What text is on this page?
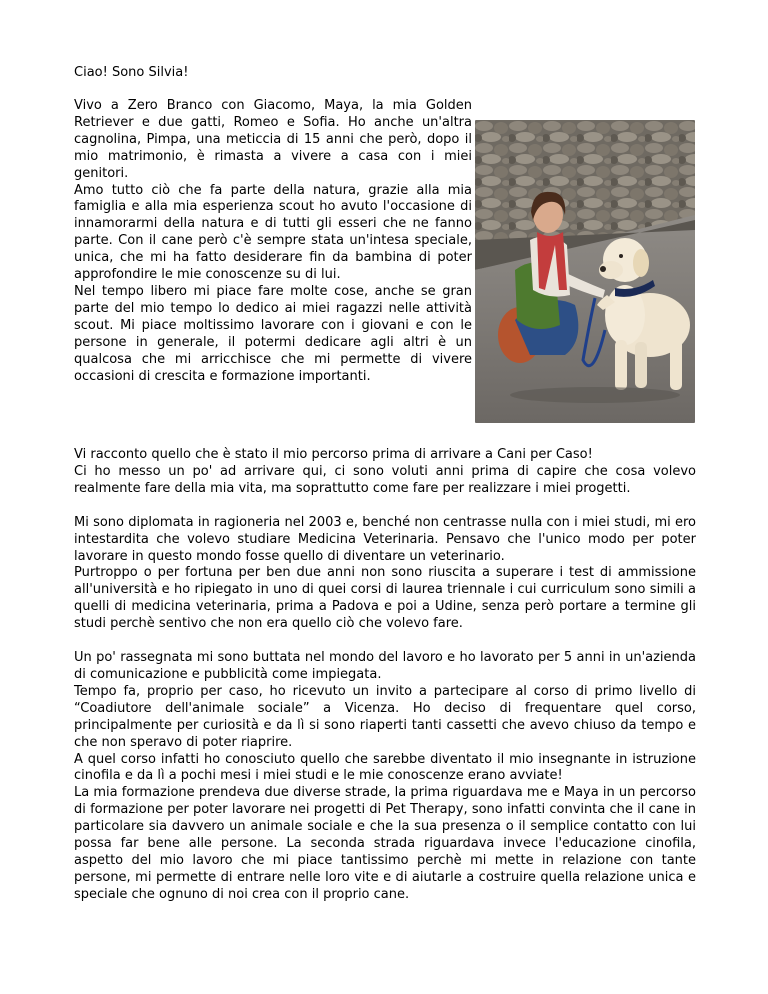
Ciao! Sono Silvia!

Vivo a Zero Branco con Giacomo, Maya, la mia Golden Retriever e due gatti, Romeo e Sofia. Ho anche un'altra cagnolina, Pimpa, una meticcia di 15 anni che però, dopo il mio matrimonio, è rimasta a vivere a casa con i miei genitori.

Amo tutto ciò che fa parte della natura, grazie alla mia famiglia e alla mia esperienza scout ho avuto l'occasione di innamorarmi della natura e di tutti gli esseri che ne fanno parte. Con il cane però c'è sempre stata un'intesa speciale, unica, che mi ha fatto desiderare fin da bambina di poter approfondire le mie conoscenze su di lui.

Nel tempo libero mi piace fare molte cose, anche se gran parte del mio tempo lo dedico ai miei ragazzi nelle attività scout. Mi piace moltissimo lavorare con i giovani e con le persone in generale, il potermi dedicare agli altri è un qualcosa che mi arricchisce che mi permette di vivere occasioni di crescita e formazione importanti.

Vi racconto quello che è stato il mio percorso prima di arrivare a Cani per Caso!

Ci ho messo un po' ad arrivare qui, ci sono voluti anni prima di capire che cosa volevo realmente fare della mia vita, ma soprattutto come fare per realizzare i miei progetti.

Mi sono diplomata in ragioneria nel 2003 e, benché non centrasse nulla con i miei studi, mi ero intestardita che volevo studiare Medicina Veterinaria. Pensavo che l'unico modo per poter lavorare in questo mondo fosse quello di diventare un veterinario.

Purtroppo o per fortuna per ben due anni non sono riuscita a superare i test di ammissione all'università e ho ripiegato in uno di quei corsi di laurea triennale i cui curriculum sono simili a quelli di medicina veterinaria, prima a Padova e poi a Udine, senza però portare a termine gli studi perchè sentivo che non era quello ciò che volevo fare.

Un po' rassegnata mi sono buttata nel mondo del lavoro e ho lavorato per 5 anni in un'azienda di comunicazione e pubblicità come impiegata.

Tempo fa, proprio per caso, ho ricevuto un invito a partecipare al corso di primo livello di “Coadiutore dell'animale sociale” a Vicenza. Ho deciso di frequentare quel corso, principalmente per curiosità e da lì si sono riaperti tanti cassetti che avevo chiuso da tempo e che non speravo di poter riaprire.

A quel corso infatti ho conosciuto quello che sarebbe diventato il mio insegnante in istruzione cinofila e da lì a pochi mesi i miei studi e le mie conoscenze erano avviate!

La mia formazione prendeva due diverse strade, la prima riguardava me e Maya in un percorso di formazione per poter lavorare nei progetti di Pet Therapy, sono infatti convinta che il cane in particolare sia davvero un animale sociale e che la sua presenza o il semplice contatto con lui possa far bene alle persone. La seconda strada riguardava invece l'educazione cinofila, aspetto del mio lavoro che mi piace tantissimo perchè mi mette in relazione con tante persone, mi permette di entrare nelle loro vite e di aiutarle a costruire quella relazione unica e speciale che ognuno di noi crea con il proprio cane.
